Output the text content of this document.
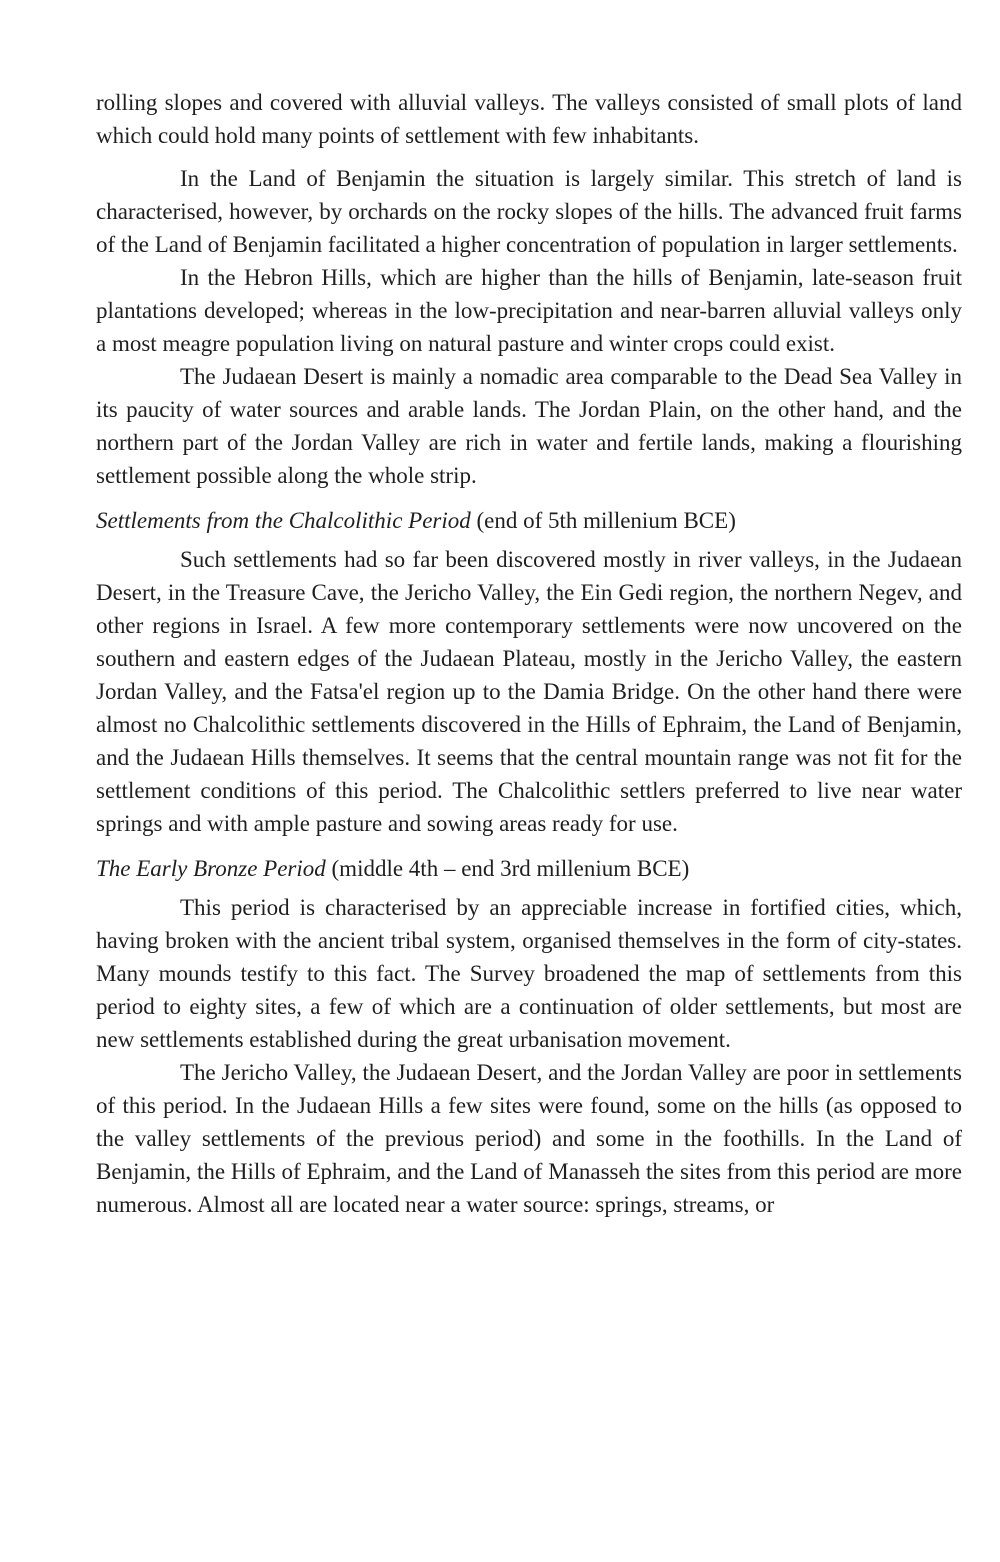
rolling slopes and covered with alluvial valleys. The valleys consisted of small plots of land which could hold many points of settlement with few inhabitants.

In the Land of Benjamin the situation is largely similar. This stretch of land is characterised, however, by orchards on the rocky slopes of the hills. The advanced fruit farms of the Land of Benjamin facilitated a higher concentration of population in larger settlements.

In the Hebron Hills, which are higher than the hills of Benjamin, late-season fruit plantations developed; whereas in the low-precipitation and near-barren alluvial valleys only a most meagre population living on natural pasture and winter crops could exist.

The Judaean Desert is mainly a nomadic area comparable to the Dead Sea Valley in its paucity of water sources and arable lands. The Jordan Plain, on the other hand, and the northern part of the Jordan Valley are rich in water and fertile lands, making a flourishing settlement possible along the whole strip.

Settlements from the Chalcolithic Period (end of 5th millenium BCE)

Such settlements had so far been discovered mostly in river valleys, in the Judaean Desert, in the Treasure Cave, the Jericho Valley, the Ein Gedi region, the northern Negev, and other regions in Israel. A few more contemporary settlements were now uncovered on the southern and eastern edges of the Judaean Plateau, mostly in the Jericho Valley, the eastern Jordan Valley, and the Fatsa'el region up to the Damia Bridge. On the other hand there were almost no Chalcolithic settlements discovered in the Hills of Ephraim, the Land of Benjamin, and the Judaean Hills themselves. It seems that the central mountain range was not fit for the settlement conditions of this period. The Chalcolithic settlers preferred to live near water springs and with ample pasture and sowing areas ready for use.

The Early Bronze Period (middle 4th – end 3rd millenium BCE)

This period is characterised by an appreciable increase in fortified cities, which, having broken with the ancient tribal system, organised themselves in the form of city-states. Many mounds testify to this fact. The Survey broadened the map of settlements from this period to eighty sites, a few of which are a continuation of older settlements, but most are new settlements established during the great urbanisation movement.

The Jericho Valley, the Judaean Desert, and the Jordan Valley are poor in settlements of this period. In the Judaean Hills a few sites were found, some on the hills (as opposed to the valley settlements of the previous period) and some in the foothills. In the Land of Benjamin, the Hills of Ephraim, and the Land of Manasseh the sites from this period are more numerous. Almost all are located near a water source: springs, streams, or
